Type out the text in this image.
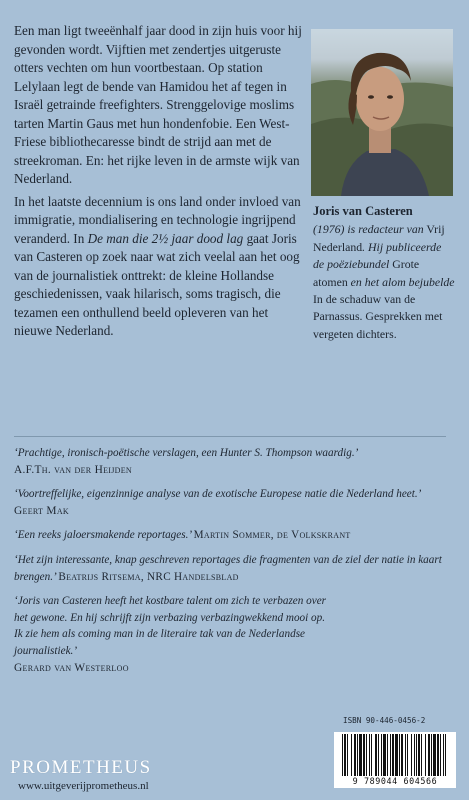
Een man ligt tweeënhalf jaar dood in zijn huis voor hij gevonden wordt. Vijftien met zendertjes uitgeruste otters vechten om hun voortbestaan. Op station Lelylaan legt de bende van Hamidou het af tegen in Israël getrainde freefighters. Strenggelovige moslims tarten Martin Gaus met hun hondenfobie. Een West-Friese bibliothecaresse bindt de strijd aan met de streekroman. En: het rijke leven in de armste wijk van Nederland.

In het laatste decennium is ons land onder invloed van immigratie, mondialisering en technologie ingrijpend veranderd. In De man die 2½ jaar dood lag gaat Joris van Casteren op zoek naar wat zich veelal aan het oog van de journalistiek onttrekt: de kleine Hollandse geschiedenissen, vaak hilarisch, soms tragisch, die tezamen een onthullend beeld opleveren van het nieuwe Nederland.

Joris van Casteren
(1976) is redacteur van Vrij Nederland. Hij publiceerde de poëziebundel Grote atomen en het alom bejubelde In de schaduw van de Parnassus. Gesprekken met vergeten dichters.
‘Prachtige, ironisch-poëtische verslagen, een Hunter S. Thompson waardig.’
A.F.Th. van der Heijden
‘Voortreffelijke, eigenzinnige analyse van de exotische Europese natie die Nederland heet.’
Geert Mak
‘Een reeks jaloersmakende reportages.’ Martin Sommer, de Volkskrant
‘Het zijn interessante, knap geschreven reportages die fragmenten van de ziel der natie in kaart brengen.’ Beatrijs Ritsema, NRC Handelsblad
‘Joris van Casteren heeft het kostbare talent om zich te verbazen over het gewone. En hij schrijft zijn verbazing verbazingwekkend mooi op. Ik zie hem als coming man in de literaire tak van de Nederlandse journalistiek.’
Gerard van Westerloo
ISBN 90-446-0456-2
9 789044 604566
PROMETHEUS
www.uitgeverijprometheus.nl
